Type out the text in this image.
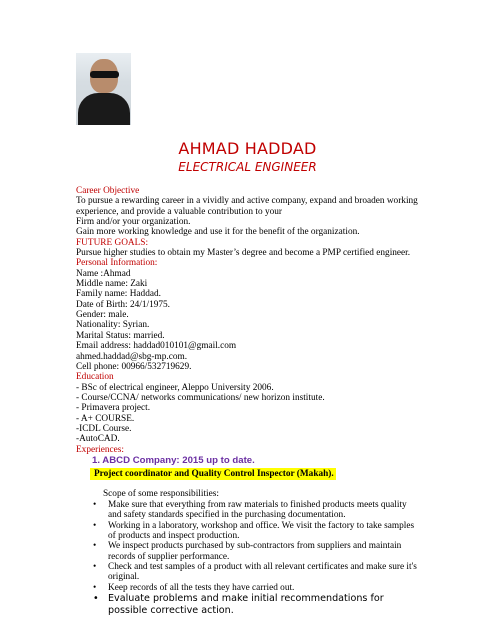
AHMAD HADDAD
ELECTRICAL ENGINEER
Career Objective
To pursue a rewarding career in a vividly and active company, expand and broaden working
experience, and provide a valuable contribution to your
Firm and/or your organization.
Gain more working knowledge and use it for the benefit of the organization.
FUTURE GOALS:
Pursue higher studies to obtain my Master’s degree and become a PMP certified engineer.
Personal Information:
Name :Ahmad
Middle name: Zaki
Family name: Haddad.
Date of Birth: 24/1/1975.
Gender: male.
Nationality: Syrian.
Marital Status: married.
Email address: haddad010101@gmail.com
ahmed.haddad@sbg-mp.com.
Cell phone: 00966/532719629.
Education
- BSc of electrical engineer, Aleppo University 2006.
- Course/CCNA/ networks communications/ new horizon institute.
- Primavera project.
- A+ COURSE.
-ICDL Course.
-AutoCAD.
Experiences:
1. ABCD Company: 2015 up to date.
Project coordinator and Quality Control Inspector (Makah).
Scope of some responsibilities:
• Make sure that everything from raw materials to finished products meets quality and safety standards specified in the purchasing documentation.
• Working in a laboratory, workshop and office. We visit the factory to take samples of products and inspect production.
• We inspect products purchased by sub-contractors from suppliers and maintain records of supplier performance.
• Check and test samples of a product with all relevant certificates and make sure it's original.
• Keep records of all the tests they have carried out.
• Evaluate problems and make initial recommendations for possible corrective action.
